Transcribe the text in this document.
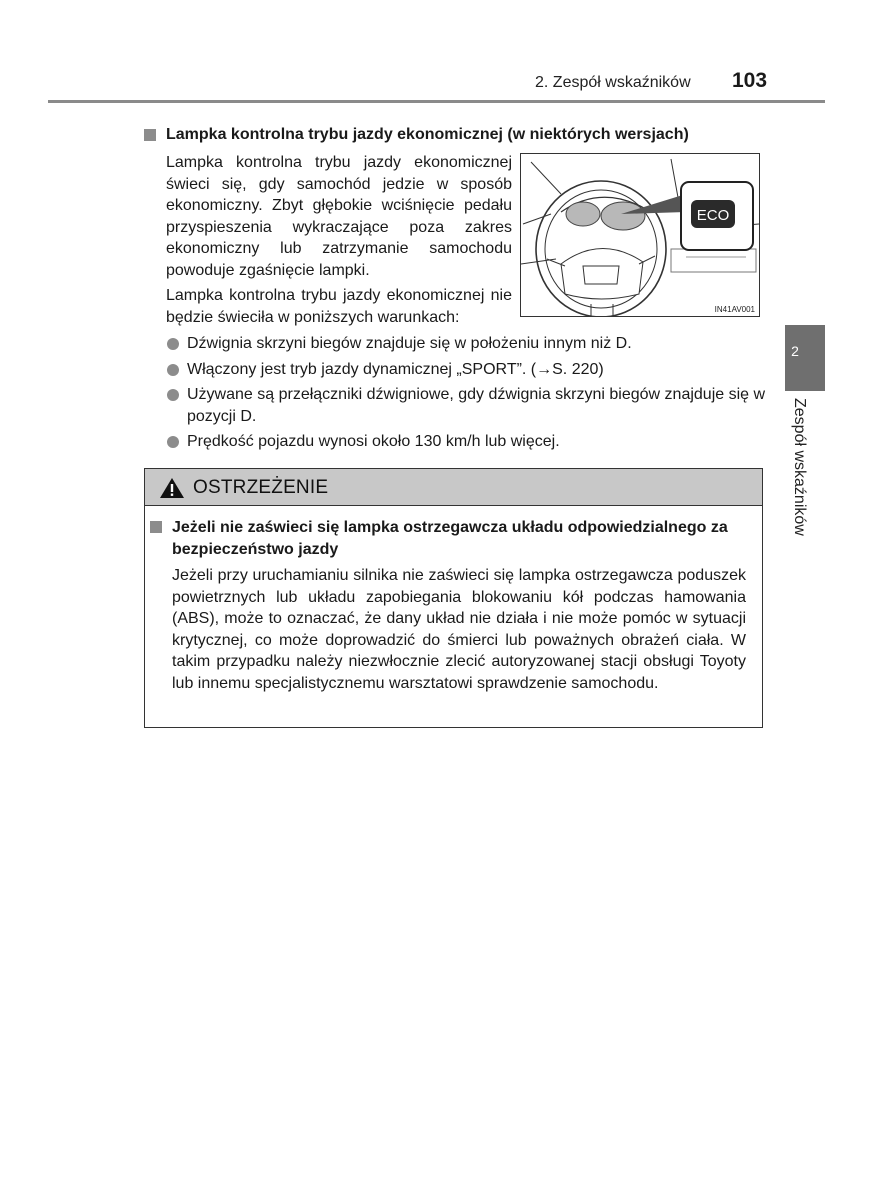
2. Zespół wskaźników 103
2
Zespół wskaźników
Lampka kontrolna trybu jazdy ekonomicznej (w niektórych wersjach)
Lampka kontrolna trybu jazdy ekonomicznej świeci się, gdy samochód jedzie w sposób ekonomiczny. Zbyt głębokie wciśnięcie pedału przyspieszenia wykraczające poza zakres ekonomiczny lub zatrzymanie samochodu powoduje zgaśnięcie lampki.
Lampka kontrolna trybu jazdy ekonomicznej nie będzie świeciła w poniższych warunkach:
ECO
IN41AV001
Dźwignia skrzyni biegów znajduje się w położeniu innym niż D.
Włączony jest tryb jazdy dynamicznej „SPORT”. (→S. 220)
Używane są przełączniki dźwigniowe, gdy dźwignia skrzyni biegów znajduje się w pozycji D.
Prędkość pojazdu wynosi około 130 km/h lub więcej.
OSTRZEŻENIE
Jeżeli nie zaświeci się lampka ostrzegawcza układu odpowiedzialnego za bezpieczeństwo jazdy
Jeżeli przy uruchamianiu silnika nie zaświeci się lampka ostrzegawcza poduszek powietrznych lub układu zapobiegania blokowaniu kół podczas hamowania (ABS), może to oznaczać, że dany układ nie działa i nie może pomóc w sytuacji krytycznej, co może doprowadzić do śmierci lub poważnych obrażeń ciała. W takim przypadku należy niezwłocznie zlecić autoryzowanej stacji obsługi Toyoty lub innemu specjalistycznemu warsztatowi sprawdzenie samochodu.
